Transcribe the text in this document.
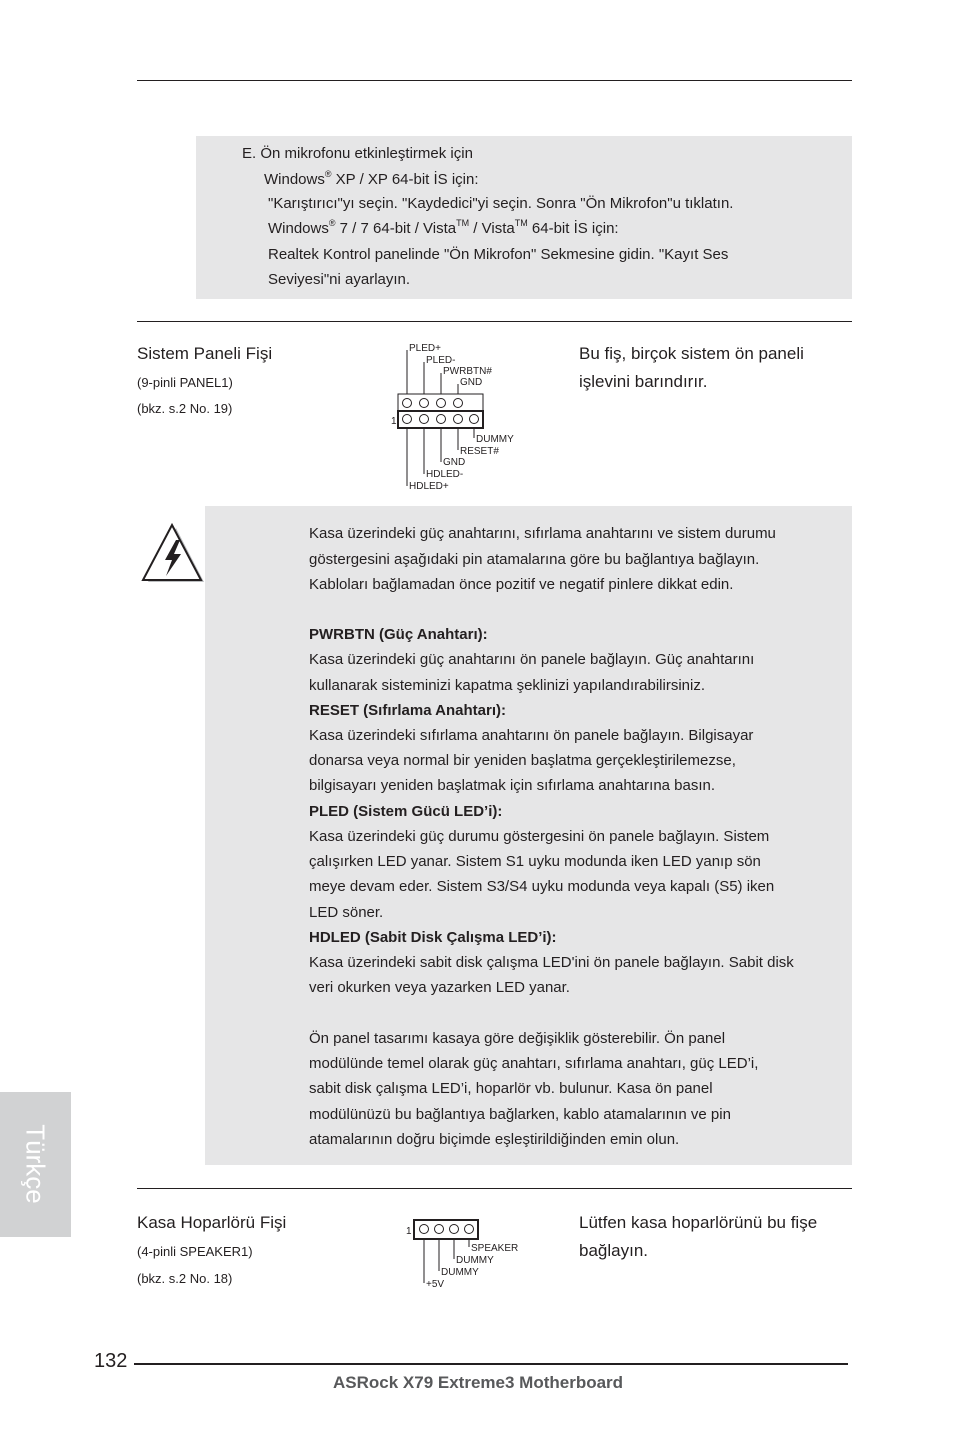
E. Ön mikrofonu etkinleştirmek için
Windows® XP / XP 64-bit İS için:
"Karıştırıcı"yı seçin. "Kaydedici"yi seçin. Sonra "Ön Mikrofon"u tıklatın.
Windows® 7 / 7 64-bit / Vista™ / Vista™ 64-bit İS için:
Realtek Kontrol panelinde "Ön Mikrofon" Sekmesine gidin. "Kayıt Ses
Seviyesi"ni ayarlayın.
Sistem Paneli Fişi
(9-pinli PANEL1)
(bkz. s.2 No. 19)
Bu fiş, birçok sistem ön paneli işlevini barındırır.
1
PLED+
PLED-
PWRBTN#
GND
DUMMY
RESET#
GND
HDLED-
HDLED+
Kasa üzerindeki güç anahtarını, sıfırlama anahtarını ve sistem durumu
göstergesini aşağıdaki pin atamalarına göre bu bağlantıya bağlayın.
Kabloları bağlamadan önce pozitif ve negatif pinlere dikkat edin.
PWRBTN (Güç Anahtarı):
Kasa üzerindeki güç anahtarını ön panele bağlayın. Güç anahtarını
kullanarak sisteminizi kapatma şeklinizi yapılandırabilirsiniz.
RESET (Sıfırlama Anahtarı):
Kasa üzerindeki sıfırlama anahtarını ön panele bağlayın. Bilgisayar
donarsa veya normal bir yeniden başlatma gerçekleştirilemezse,
bilgisayarı yeniden başlatmak için sıfırlama anahtarına basın.
PLED (Sistem Gücü LED’i):
Kasa üzerindeki güç durumu göstergesini ön panele bağlayın. Sistem
çalışırken LED yanar. Sistem S1 uyku modunda iken LED yanıp sön
meye devam eder. Sistem S3/S4 uyku modunda veya kapalı (S5) iken
LED söner.
HDLED (Sabit Disk Çalışma LED’i):
Kasa üzerindeki sabit disk çalışma LED'ini ön panele bağlayın. Sabit disk
veri okurken veya yazarken LED yanar.
Ön panel tasarımı kasaya göre değişiklik gösterebilir. Ön panel
modülünde temel olarak güç anahtarı, sıfırlama anahtarı, güç LED’i,
sabit disk çalışma LED’i, hoparlör vb. bulunur. Kasa ön panel
modülünüzü bu bağlantıya bağlarken, kablo atamalarının ve pin
atamalarının doğru biçimde eşleştirildiğinden emin olun.
Türkçe
Kasa Hoparlörü Fişi
(4-pinli SPEAKER1)
(bkz. s.2 No. 18)
Lütfen kasa hoparlörünü bu fişe bağlayın.
1
SPEAKER
DUMMY
DUMMY
+5V
132
ASRock X79 Extreme3 Motherboard
